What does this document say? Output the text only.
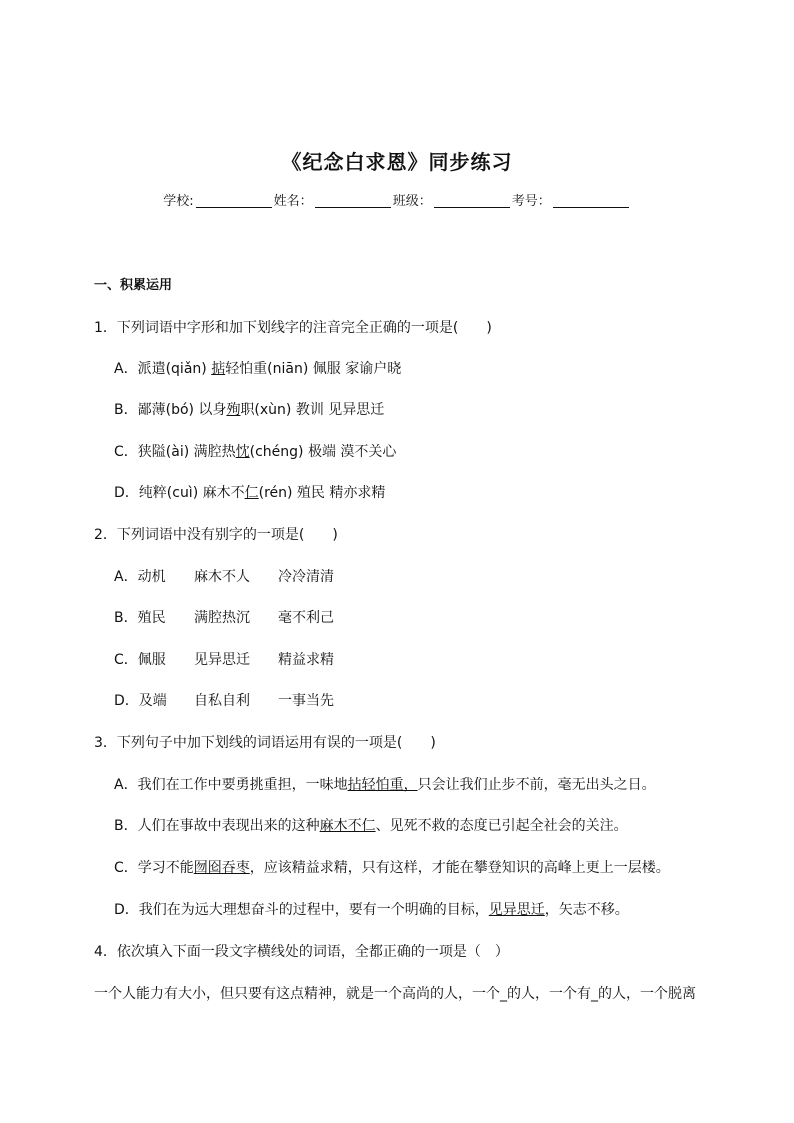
《纪念白求恩》同步练习
学校:	姓名：	班级：	考号：
一、积累运用
1．下列词语中字形和加下划线字的注音完全正确的一项是(　　)
A．派遣(qiǎn) 掂轻怕重(niān) 佩服 家谕户晓
B．鄙薄(bó) 以身殉职(xùn) 教训 见异思迁
C．狭隘(ài) 满腔热忱(chéng) 极端 漠不关心
D．纯粹(cuì) 麻木不仁(rén) 殖民 精亦求精
2．下列词语中没有别字的一项是(　　)
A．动机 麻木不人 冷冷清清
B．殖民 满腔热沉 毫不利己
C．佩服 见异思迁 精益求精
D．及端 自私自利 一事当先
3．下列句子中加下划线的词语运用有误的一项是(　　)
A．我们在工作中要勇挑重担，一味地拈轻怕重，只会让我们止步不前，毫无出头之日。
B．人们在事故中表现出来的这种麻木不仁、见死不救的态度已引起全社会的关注。
C．学习不能囫囵吞枣，应该精益求精，只有这样，才能在攀登知识的高峰上更上一层楼。
D．我们在为远大理想奋斗的过程中，要有一个明确的目标，见异思迁，矢志不移。
4．依次填入下面一段文字横线处的词语，全都正确的一项是（　）
一个人能力有大小，但只要有这点精神，就是一个高尚的人，一个_的人，一个有_的人，一个脱离
